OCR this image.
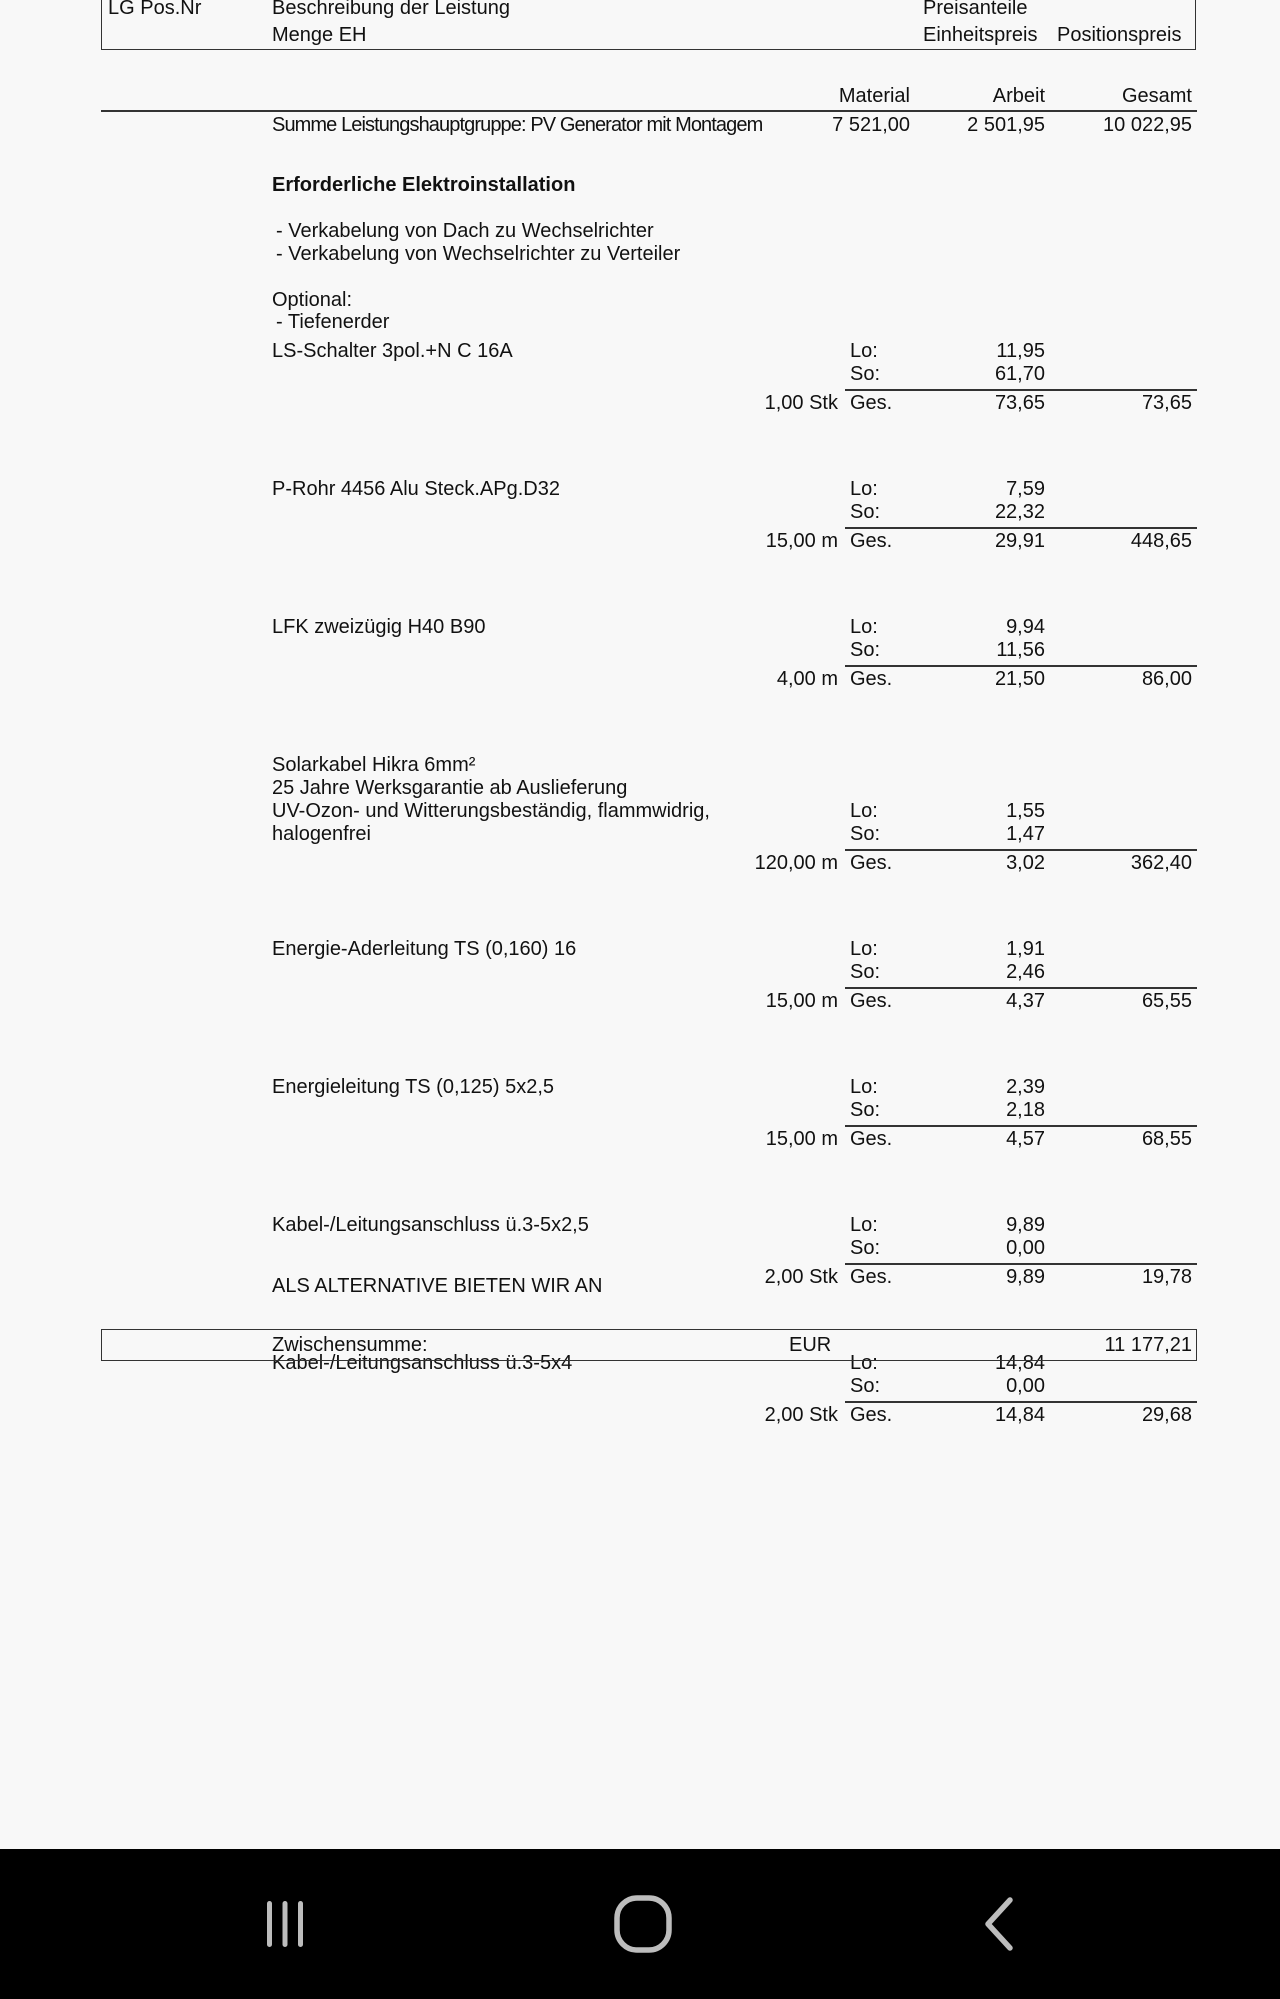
LG Pos.Nr	Beschreibung der Leistung
Menge EH
Preisanteile
Einheitspreis Positionspreis
Material	Arbeit	Gesamt
Summe Leistungshauptgruppe: PV Generator mit Montagem	7 521,00	2 501,95	10 022,95
Erforderliche Elektroinstallation
- Verkabelung von Dach zu Wechselrichter
- Verkabelung von Wechselrichter zu Verteiler
Optional:
- Tiefenerder
LS-Schalter 3pol.+N C 16A	Lo:	11,95
So:	61,70
1,00 Stk Ges.	73,65	73,65
P-Rohr 4456 Alu Steck.APg.D32	Lo:	7,59
So:	22,32
15,00 m Ges.	29,91	448,65
LFK zweizügig H40 B90	Lo:	9,94
So:	11,56
4,00 m Ges.	21,50	86,00
Solarkabel Hikra 6mm²
25 Jahre Werksgarantie ab Auslieferung
UV-Ozon- und Witterungsbeständig, flammwidrig,
halogenfrei
Lo:	1,55
So:	1,47
120,00 m Ges.	3,02	362,40
Energie-Aderleitung TS (0,160) 16	Lo:	1,91
So:	2,46
15,00 m Ges.	4,37	65,55
Energieleitung TS (0,125) 5x2,5	Lo:	2,39
So:	2,18
15,00 m Ges.	4,57	68,55
Kabel-/Leitungsanschluss ü.3-5x2,5	Lo:	9,89
So:	0,00
2,00 Stk Ges.	9,89	19,78
Kabel-/Leitungsanschluss ü.3-5x4	Lo:	14,84
So:	0,00
2,00 Stk Ges.	14,84	29,68
ALS ALTERNATIVE BIETEN WIR AN
Zwischensumme:	EUR	11 177,21
